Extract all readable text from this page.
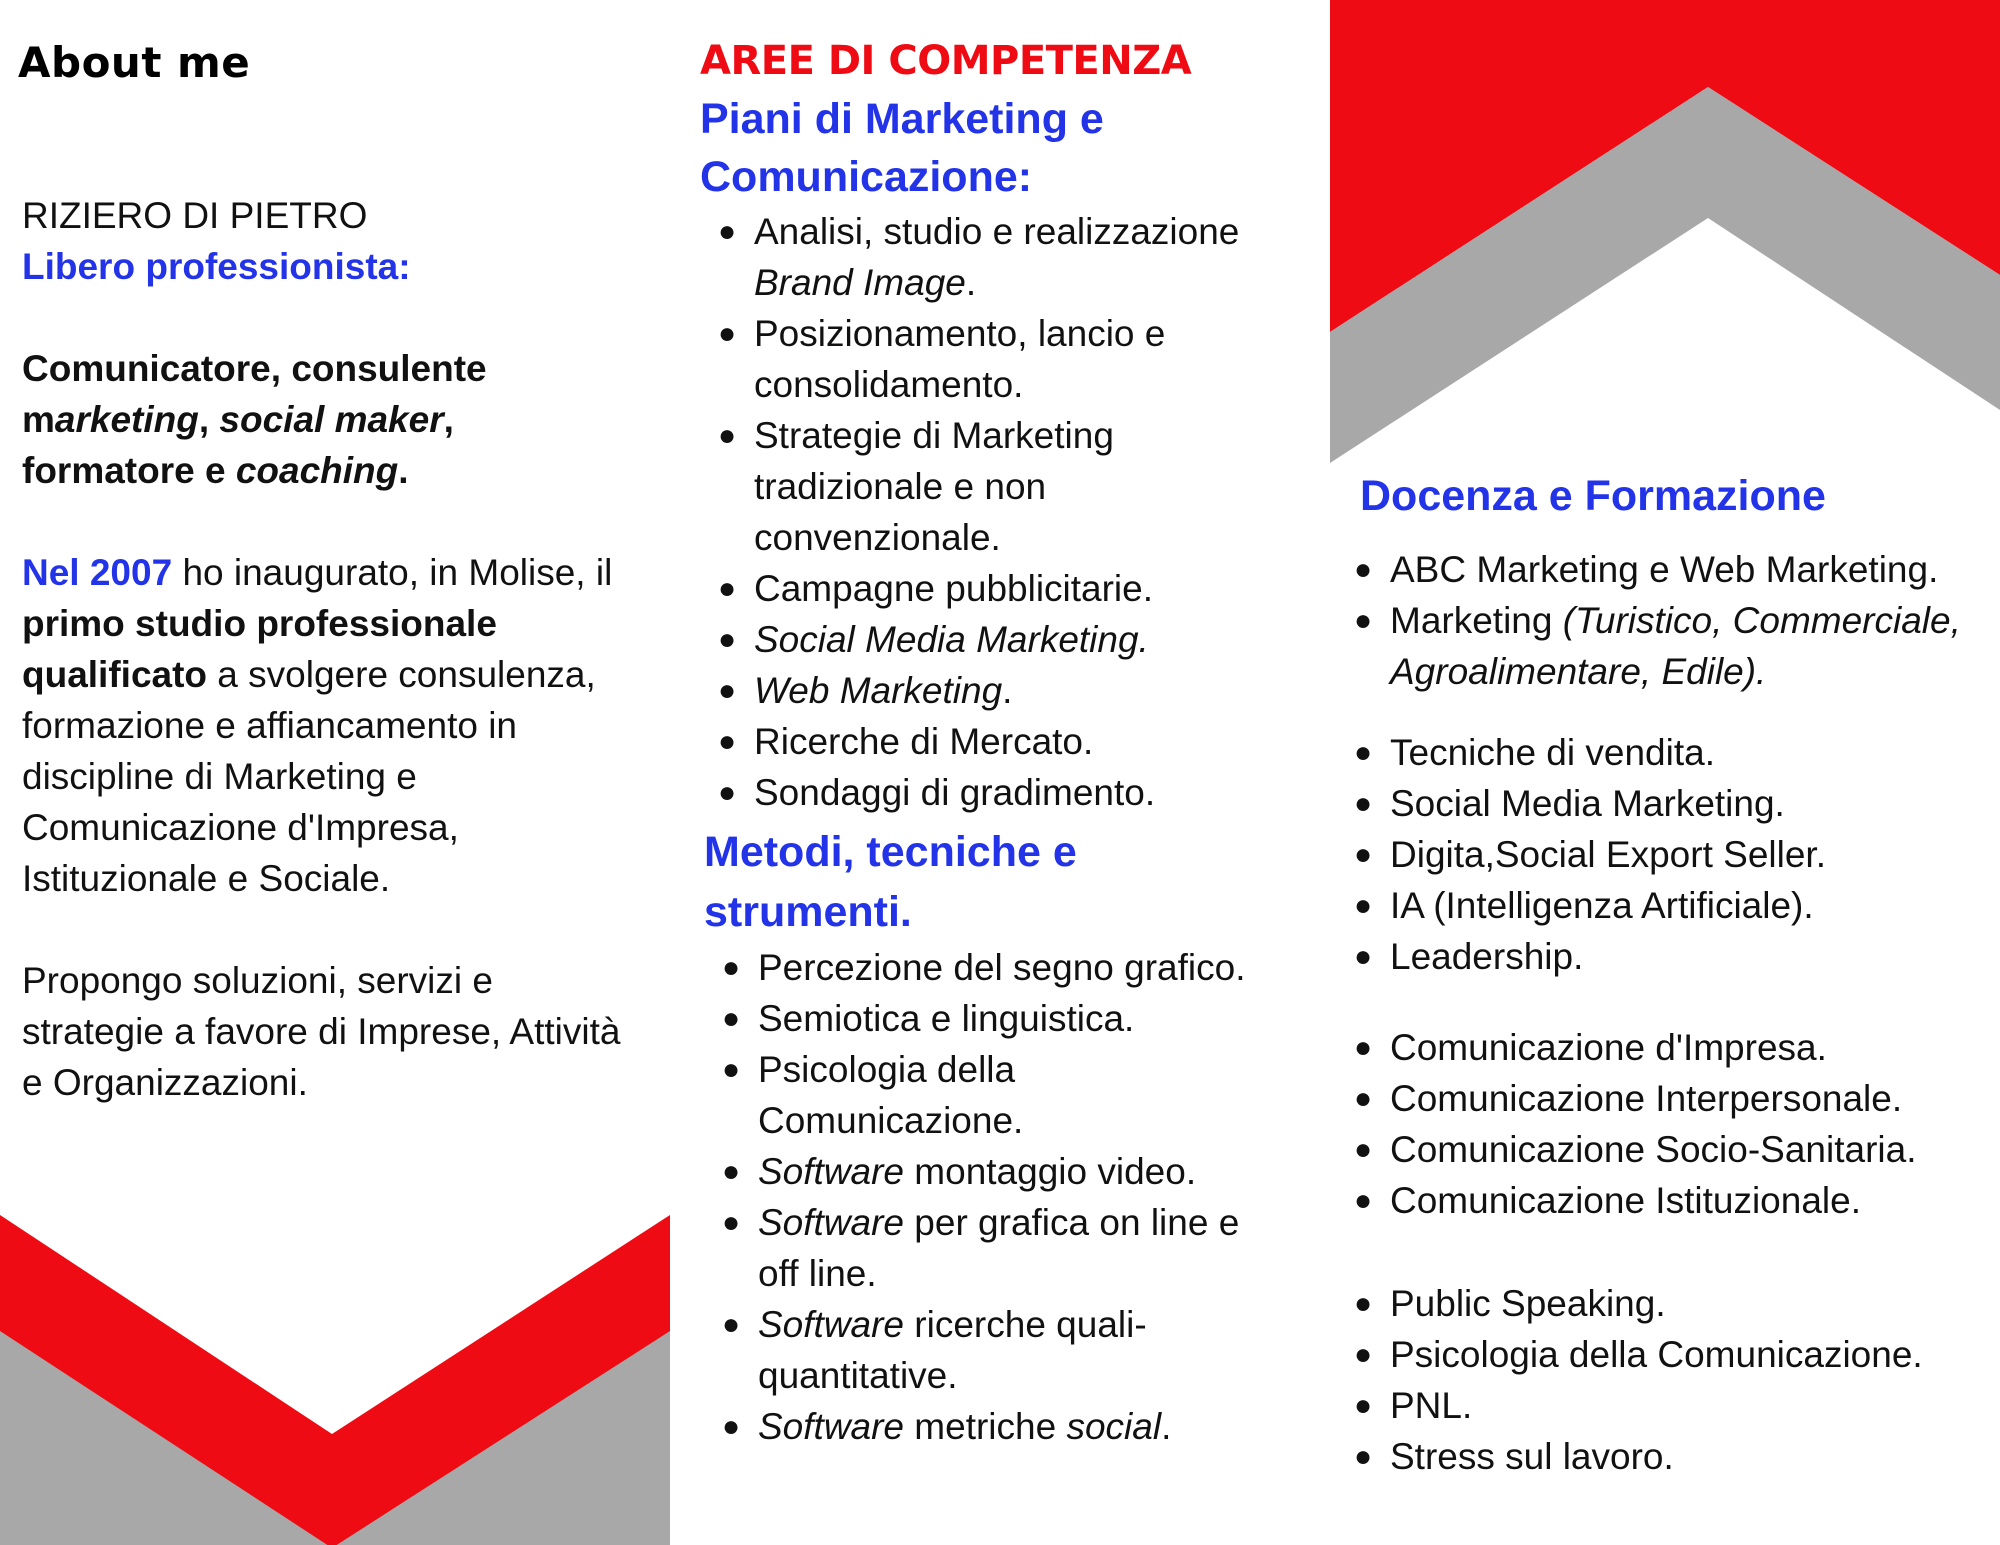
About me

RIZIERO DI PIETRO

Libero professionista:

Comunicatore, consulente marketing, social maker,
formatore e coaching.

Nel 2007 ho inaugurato, in Molise, il primo studio professionale qualificato a svolgere consulenza, formazione e affiancamento in discipline di Marketing e Comunicazione d'Impresa, Istituzionale e Sociale.

Propongo soluzioni, servizi e strategie a favore di Imprese, Attività e Organizzazioni.

AREE DI COMPETENZA
Piani di Marketing e
Comunicazione:
● Analisi, studio e realizzazione Brand Image.
● Posizionamento, lancio e consolidamento.
● Strategie di Marketing tradizionale e non convenzionale.
● Campagne pubblicitarie.
● Social Media Marketing.
● Web Marketing.
● Ricerche di Mercato.
● Sondaggi di gradimento.
Metodi, tecniche e
strumenti.
● Percezione del segno grafico.
● Semiotica e linguistica.
● Psicologia della Comunicazione.
● Software montaggio video.
● Software per grafica on line e off line.
● Software ricerche quali-quantitative.
● Software metriche social.
Docenza e Formazione
● ABC Marketing e Web Marketing.
● Marketing (Turistico, Commerciale, Agroalimentare, Edile).
● Tecniche di vendita.
● Social Media Marketing.
● Digita,Social Export Seller.
● IA (Intelligenza Artificiale).
● Leadership.
● Comunicazione d'Impresa.
● Comunicazione Interpersonale.
● Comunicazione Socio-Sanitaria.
● Comunicazione Istituzionale.
● Public Speaking.
● Psicologia della Comunicazione.
● PNL.
● Stress sul lavoro.
